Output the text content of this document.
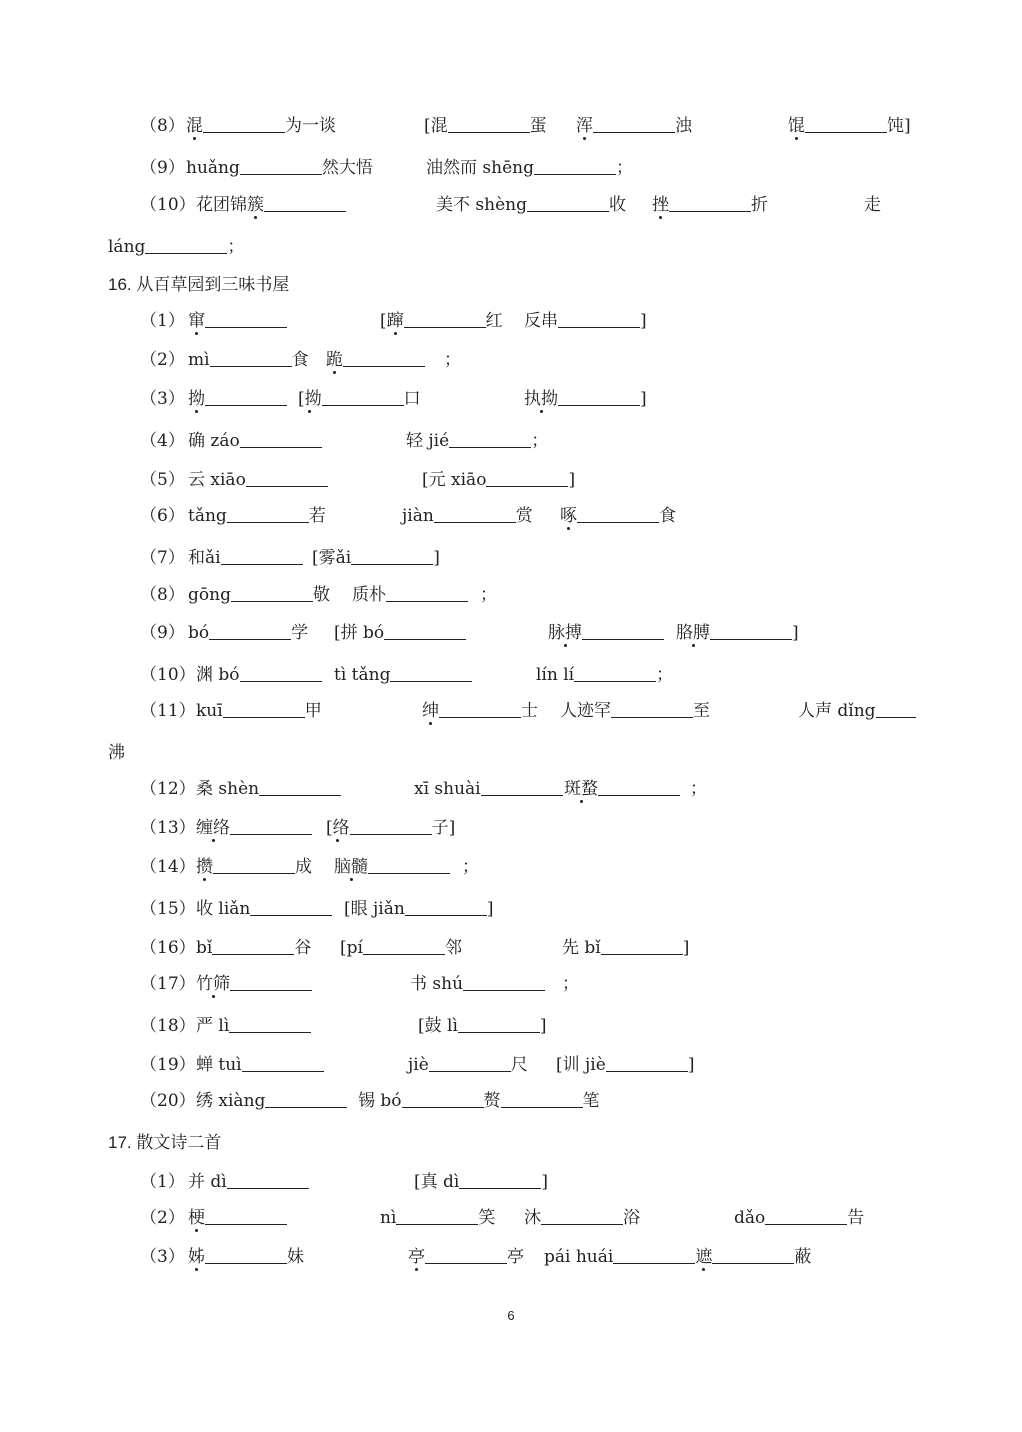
（8） 混	为一谈	[混	蛋 浑	浊	馄	饨]
（9） huǎng	然大悟	油然而 shēng	；
（10） 花团锦簇	美不 shèng	收 挫	折	走
láng	；
16. 从百草园到三味书屋
（1） 窜	[蹿	红 反串	]
（2） mì	食 跪	；
（3） 拗	[拗	口	执拗	]
（4） 确 záo	轻 jié	；
（5） 云 xiāo	[元 xiāo	]
（6） tǎng	若	jiàn	赏 啄	食
（7） 和ǎi	[雾ǎi	]
（8） gōng	敬 质朴	；
（9） bó	学 [拼 bó	脉搏	胳膊	]
（10） 渊 bó	tì tǎng	lín lí	；
（11） kuī	甲	绅	士 人迹罕	至	人声 dǐng
沸
（12） 桑 shèn	xī shuài	斑蝥	；
（13） 缠络	[络	子]
（14） 攒	成 脑髓	；
（15） 收 liǎn	[眼 jiǎn	]
（16） bǐ	谷 [pí	邻	先 bǐ	]
（17） 竹筛	书 shú	；
（18） 严 lì	[鼓 lì	]
（19） 蝉 tuì	jiè	尺 [训 jiè	]
（20） 绣 xiàng	锡 bó	赘	笔
17. 散文诗二首
（1） 并 dì	[真 dì	]
（2） 梗	nì	笑 沐	浴	dǎo	告
（3） 姊	妹	亭	亭 pái huái	遮	蔽
6
